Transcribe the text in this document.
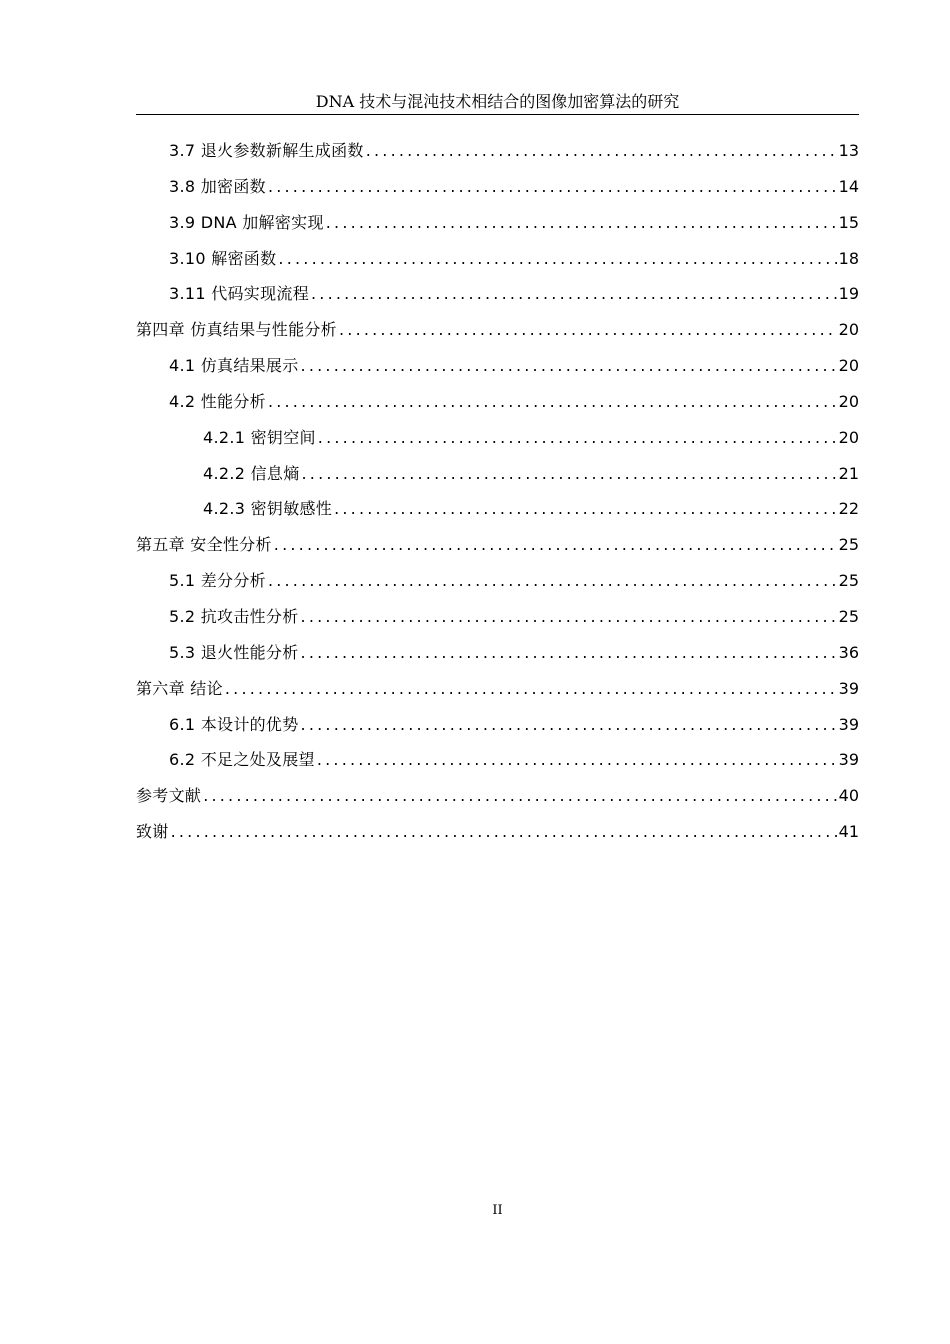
DNA 技术与混沌技术相结合的图像加密算法的研究
3.7 退火参数新解生成函数 .....	13
3.8 加密函数 .....	14
3.9 DNA 加解密实现 .....	15
3.10 解密函数 .....	18
3.11 代码实现流程 .....	19
第四章 仿真结果与性能分析 .....	20
4.1 仿真结果展示 .....	20
4.2 性能分析 .....	20
4.2.1 密钥空间 .....	20
4.2.2 信息熵 .....	21
4.2.3 密钥敏感性 .....	22
第五章 安全性分析 .....	25
5.1 差分分析 .....	25
5.2 抗攻击性分析 .....	25
5.3 退火性能分析 .....	36
第六章 结论 .....	39
6.1 本设计的优势 .....	39
6.2 不足之处及展望 .....	39
参考文献 .....	40
致谢 .....	41
II
